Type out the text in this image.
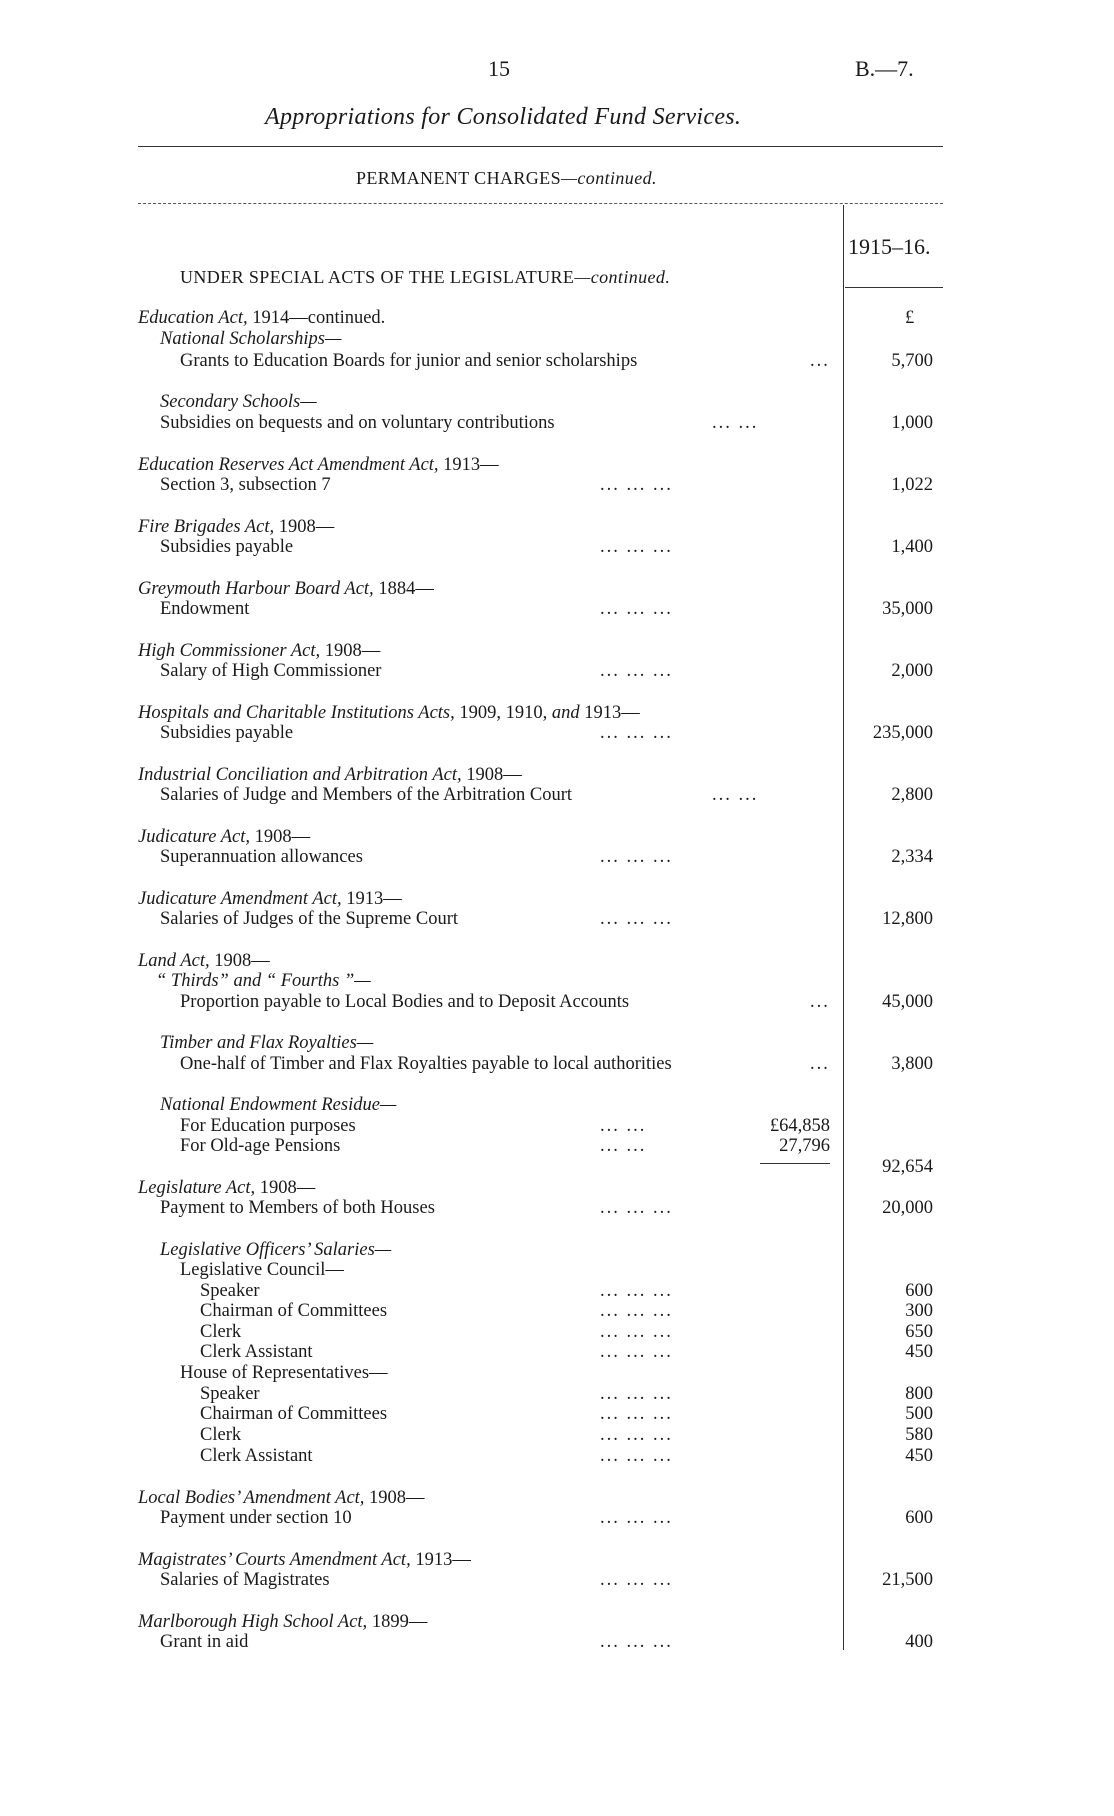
15	B.—7.
Appropriations for Consolidated Fund Services.
PERMANENT CHARGES—continued.
1915–16.
UNDER SPECIAL ACTS OF THE LEGISLATURE—continued.
£
Education Act, 1914—continued.
National Scholarships—
Grants to Education Boards for junior and senior scholarships	...	5,700
Secondary Schools—
Subsidies on bequests and on voluntary contributions	... ...	1,000
Education Reserves Act Amendment Act, 1913—
Section 3, subsection 7	... ... ...	1,022
Fire Brigades Act, 1908—
Subsidies payable	... ... ...	1,400
Greymouth Harbour Board Act, 1884—
Endowment	... ... ...	35,000
High Commissioner Act, 1908—
Salary of High Commissioner	... ... ...	2,000
Hospitals and Charitable Institutions Acts, 1909, 1910, and 1913—
Subsidies payable	... ... ...	235,000
Industrial Conciliation and Arbitration Act, 1908—
Salaries of Judge and Members of the Arbitration Court	... ...	2,800
Judicature Act, 1908—
Superannuation allowances	... ... ...	2,334
Judicature Amendment Act, 1913—
Salaries of Judges of the Supreme Court	... ... ...	12,800
Land Act, 1908—
“ Thirds” and “ Fourths ”—
Proportion payable to Local Bodies and to Deposit Accounts	...	45,000
Timber and Flax Royalties—
One-half of Timber and Flax Royalties payable to local authorities	...	3,800
National Endowment Residue—
For Education purposes	... ...	£64,858
For Old-age Pensions	... ...	27,796
92,654
Legislature Act, 1908—
Payment to Members of both Houses	... ... ...	20,000
Legislative Officers’ Salaries—
Legislative Council—
Speaker	... ... ...	600
Chairman of Committees	... ... ...	300
Clerk	... ... ...	650
Clerk Assistant	... ... ...	450
House of Representatives—
Speaker	... ... ...	800
Chairman of Committees	... ... ...	500
Clerk	... ... ...	580
Clerk Assistant	... ... ...	450
Local Bodies’ Amendment Act, 1908—
Payment under section 10	... ... ...	600
Magistrates’ Courts Amendment Act, 1913—
Salaries of Magistrates	... ... ...	21,500
Marlborough High School Act, 1899—
Grant in aid	... ... ...	400
